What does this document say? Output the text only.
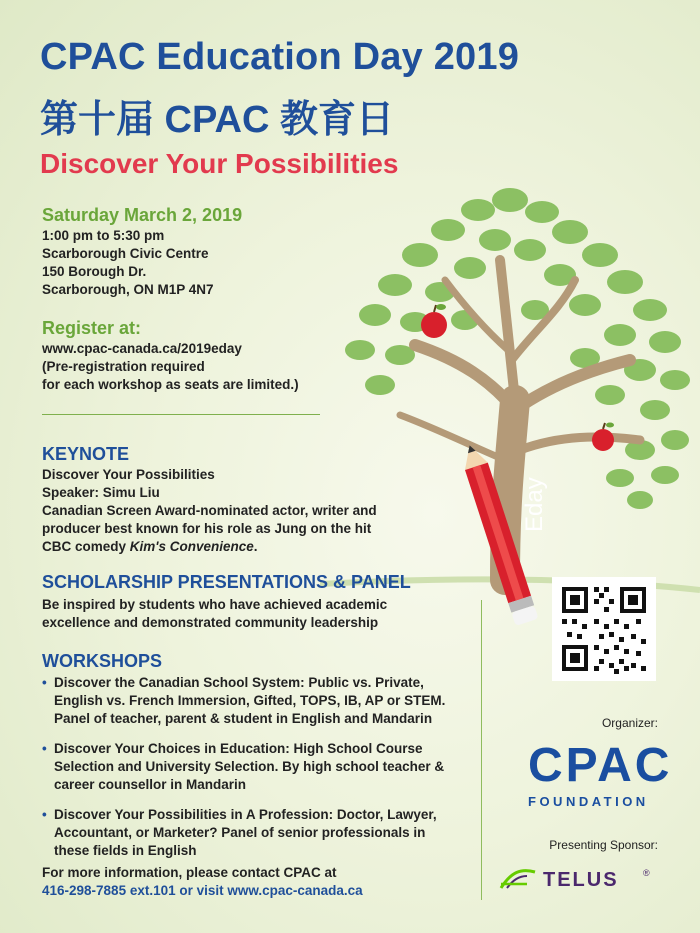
Eday
CPAC Education Day 2019
第十届 CPAC 教育日
Discover Your Possibilities
Saturday March 2, 2019
1:00 pm to 5:30 pm
Scarborough Civic Centre
150 Borough Dr.
Scarborough, ON M1P 4N7
Register at:
www.cpac-canada.ca/2019eday
(Pre-registration required
for each workshop as seats are limited.)
KEYNOTE
Discover Your Possibilities
Speaker: Simu Liu
Canadian Screen Award-nominated actor, writer and
producer best known for his role as Jung on the hit
CBC comedy Kim's Convenience.
SCHOLARSHIP PRESENTATIONS & PANEL
Be inspired by students who have achieved academic
excellence and demonstrated community leadership
WORKSHOPS
• Discover the Canadian School System: Public vs. Private,
English vs. French Immersion, Gifted, TOPS, IB, AP or STEM.
Panel of teacher, parent & student in English and Mandarin
• Discover Your Choices in Education: High School Course
Selection and University Selection. By high school teacher &
career counsellor in Mandarin
• Discover Your Possibilities in A Profession: Doctor, Lawyer,
Accountant, or Marketer? Panel of senior professionals in
these fields in English
For more information, please contact CPAC at
416-298-7885 ext.101 or visit www.cpac-canada.ca
Organizer:
CPAC
FOUNDATION
Presenting Sponsor:
TELUS	®
